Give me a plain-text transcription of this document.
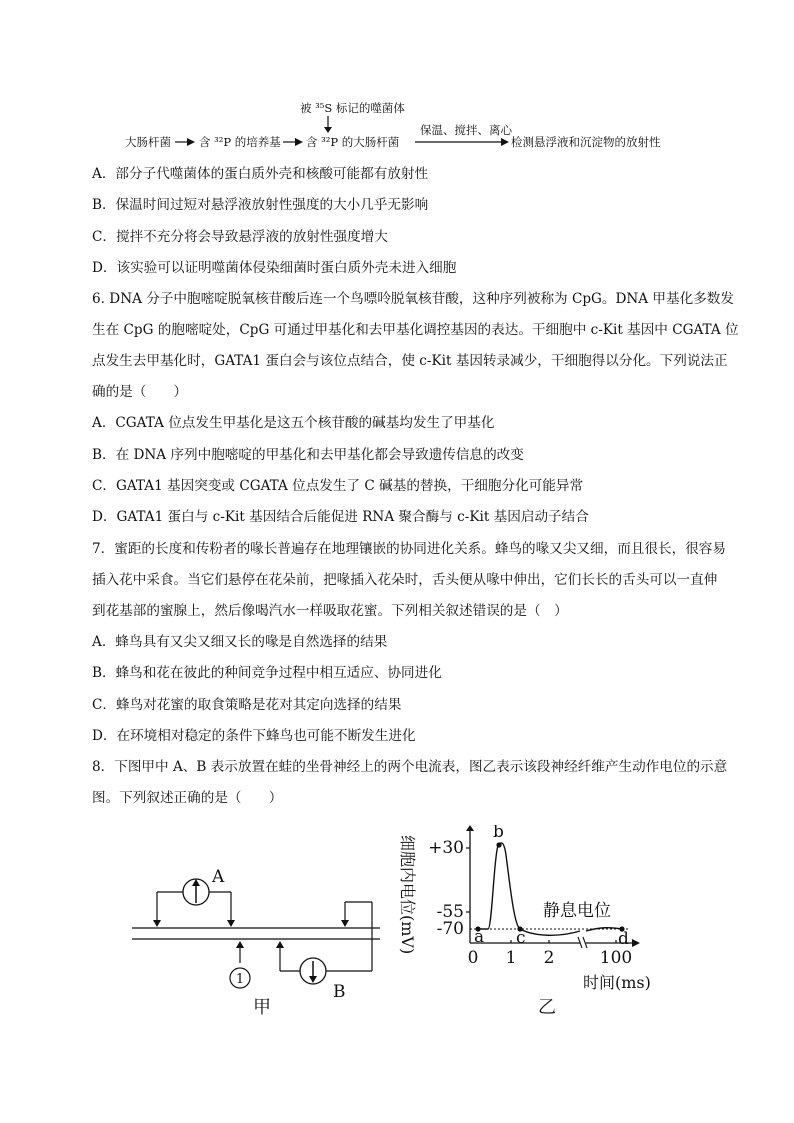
被 ³⁵S 标记的噬菌体
大肠杆菌 含 ³²P 的培养基 含 ³²P 的大肠杆菌
保温、搅拌、离心
检测悬浮液和沉淀物的放射性
A．部分子代噬菌体的蛋白质外壳和核酸可能都有放射性
B．保温时间过短对悬浮液放射性强度的大小几乎无影响
C．搅拌不充分将会导致悬浮液的放射性强度增大
D．该实验可以证明噬菌体侵染细菌时蛋白质外壳未进入细胞
6. DNA 分子中胞嘧啶脱氧核苷酸后连一个鸟嘌呤脱氧核苷酸，这种序列被称为 CpG。DNA 甲基化多数发
生在 CpG 的胞嘧啶处，CpG 可通过甲基化和去甲基化调控基因的表达。干细胞中 c-Kit 基因中 CGATA 位
点发生去甲基化时，GATA1 蛋白会与该位点结合，使 c-Kit 基因转录减少，干细胞得以分化。下列说法正
确的是（　　）
A．CGATA 位点发生甲基化是这五个核苷酸的碱基均发生了甲基化
B．在 DNA 序列中胞嘧啶的甲基化和去甲基化都会导致遗传信息的改变
C．GATA1 基因突变或 CGATA 位点发生了 C 碱基的替换，干细胞分化可能异常
D．GATA1 蛋白与 c-Kit 基因结合后能促进 RNA 聚合酶与 c-Kit 基因启动子结合
7．蜜距的长度和传粉者的喙长普遍存在地理镶嵌的协同进化关系。蜂鸟的喙又尖又细，而且很长，很容易
插入花中采食。当它们悬停在花朵前，把喙插入花朵时，舌头便从喙中伸出，它们长长的舌头可以一直伸
到花基部的蜜腺上，然后像喝汽水一样吸取花蜜。下列相关叙述错误的是（　）
A．蜂鸟具有又尖又细又长的喙是自然选择的结果
B．蜂鸟和花在彼此的种间竞争过程中相互适应、协同进化
C．蜂鸟对花蜜的取食策略是花对其定向选择的结果
D．在环境相对稳定的条件下蜂鸟也可能不断发生进化
8．下图甲中 A、B 表示放置在蛙的坐骨神经上的两个电流表，图乙表示该段神经纤维产生动作电位的示意
图。下列叙述正确的是（　　）
A
B
1
甲
细胞内电位(mV) +30
-55
-70
0 1 2	100
静息电位
a
b
c	d
时间(ms)
乙
